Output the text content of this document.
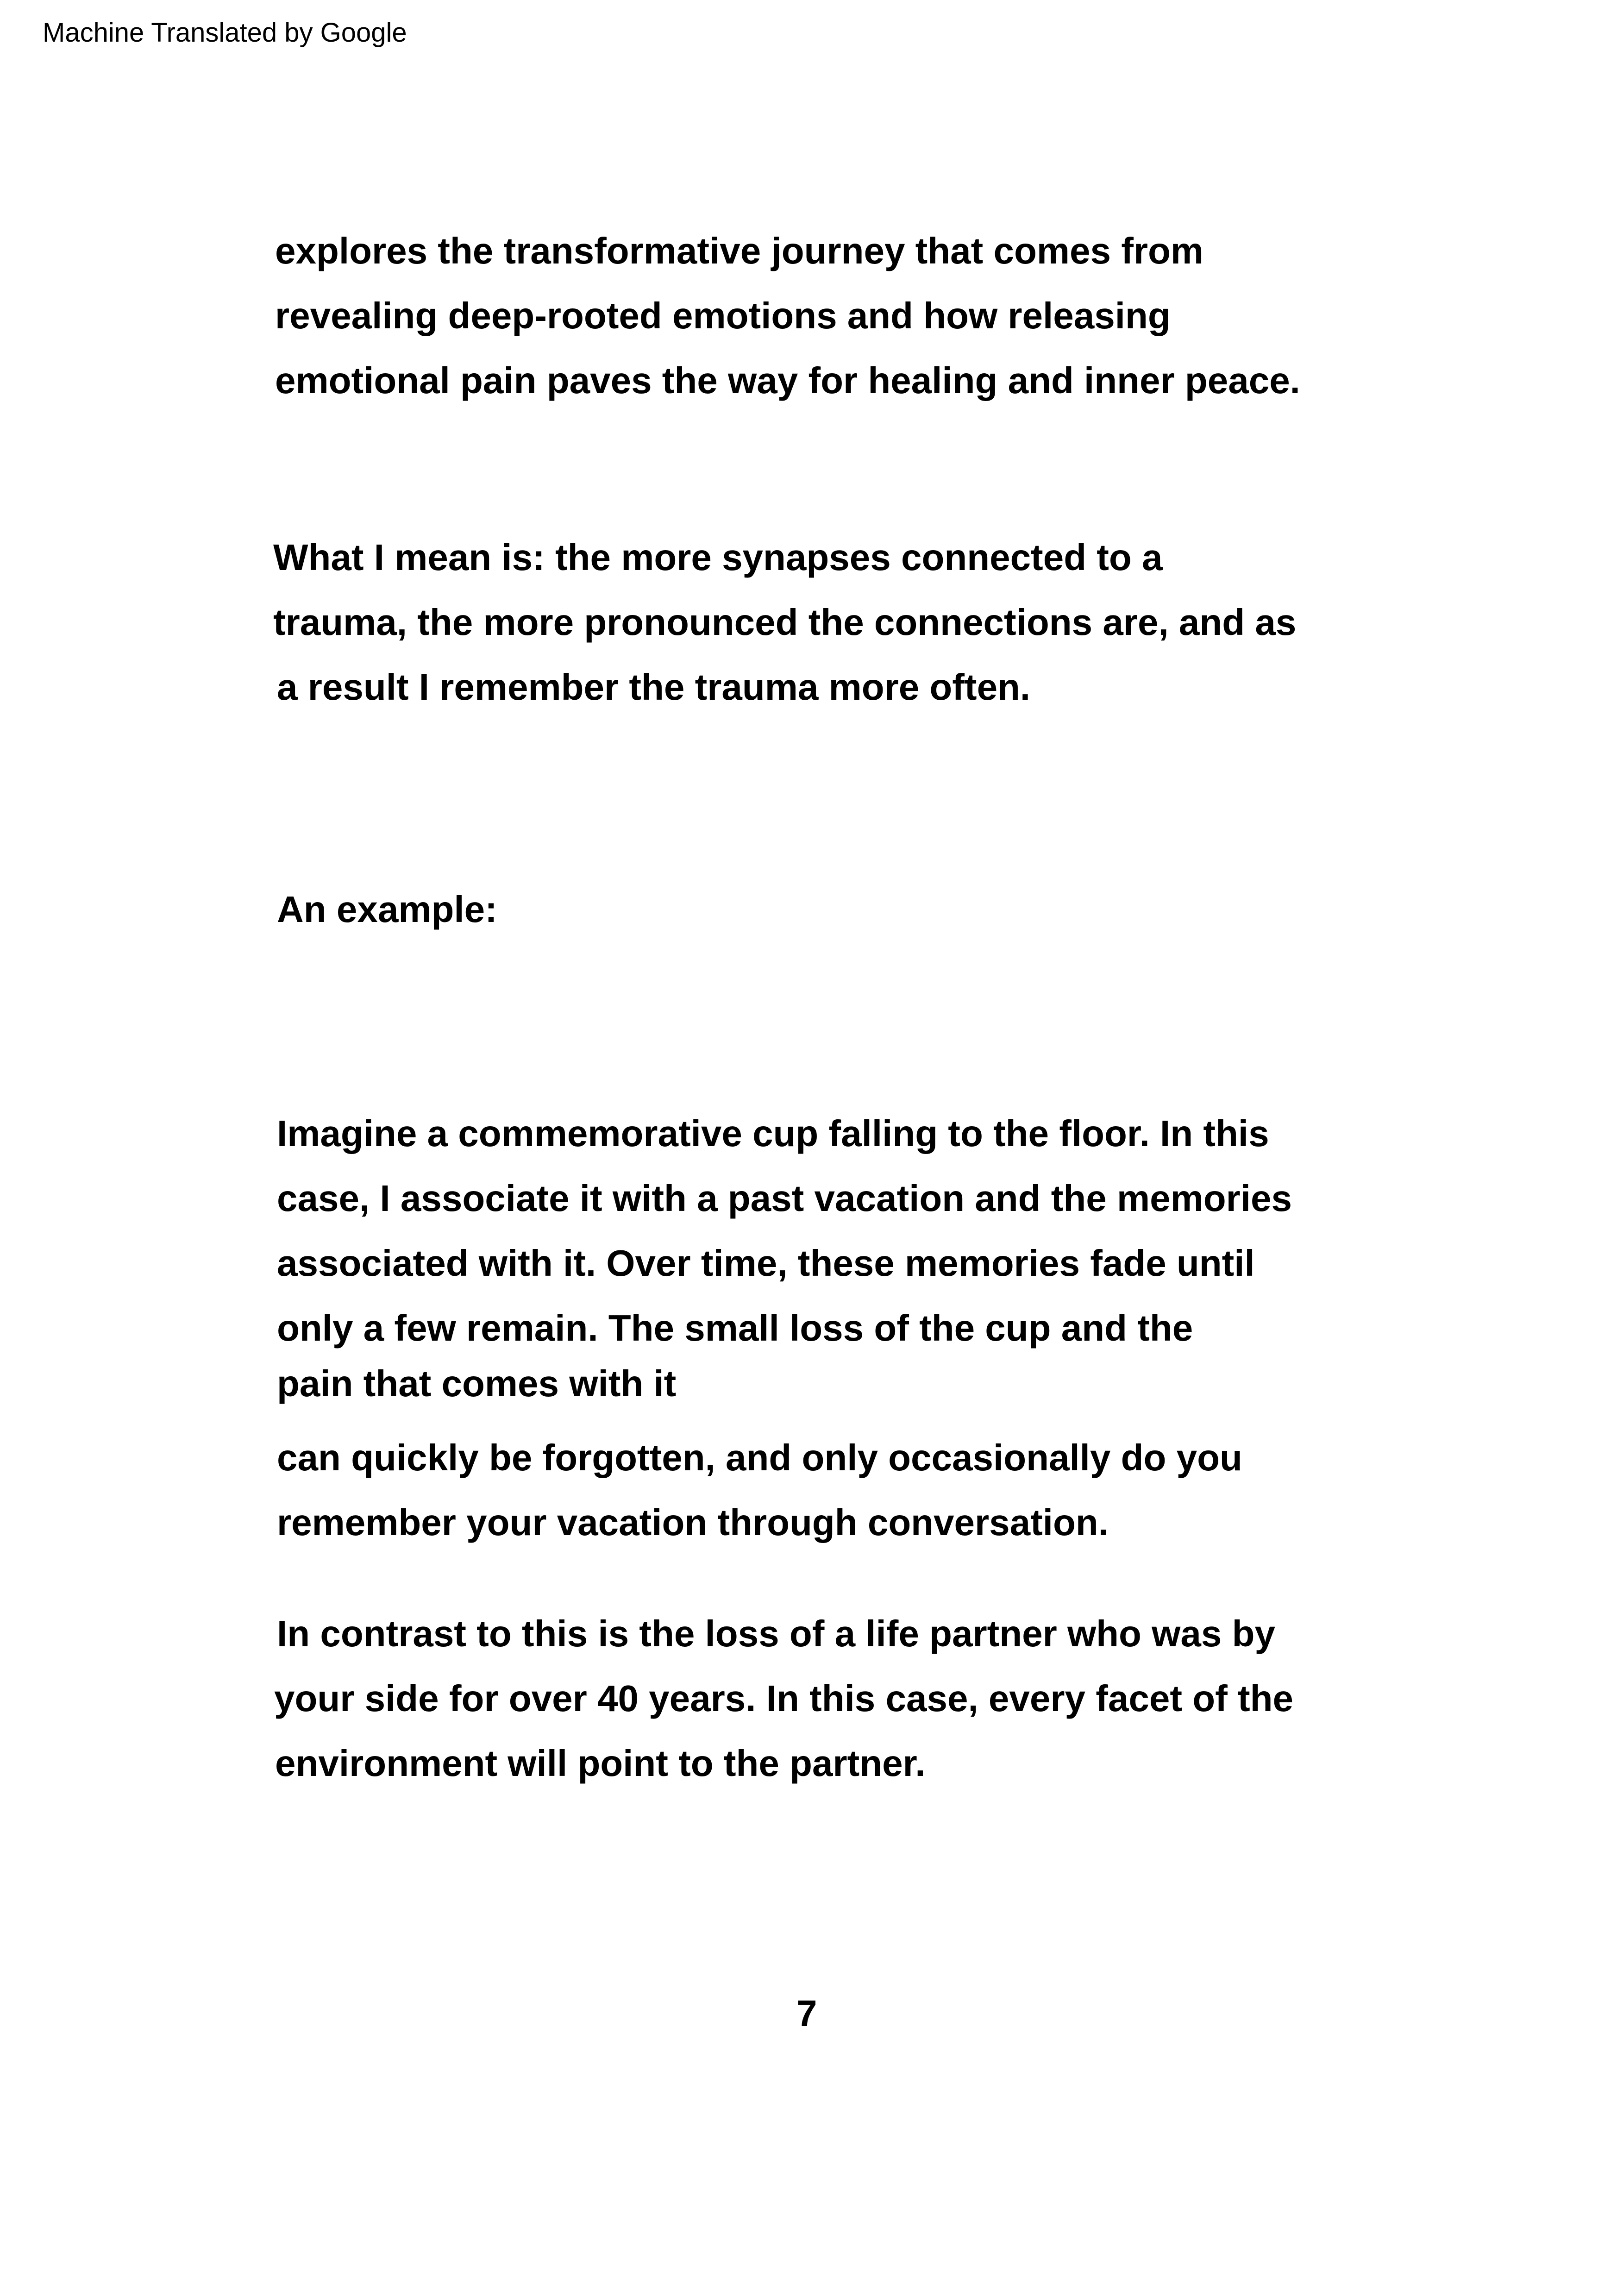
Machine Translated by Google
explores the transformative journey that comes from
revealing deep-rooted emotions and how releasing
emotional pain paves the way for healing and inner peace.
What I mean is: the more synapses connected to a
trauma, the more pronounced the connections are, and as
a result I remember the trauma more often.
An example:
Imagine a commemorative cup falling to the floor. In this
case, I associate it with a past vacation and the memories
associated with it. Over time, these memories fade until
only a few remain. The small loss of the cup and the
pain that comes with it
can quickly be forgotten, and only occasionally do you
remember your vacation through conversation.
In contrast to this is the loss of a life partner who was by
your side for over 40 years. In this case, every facet of the
environment will point to the partner.
7
